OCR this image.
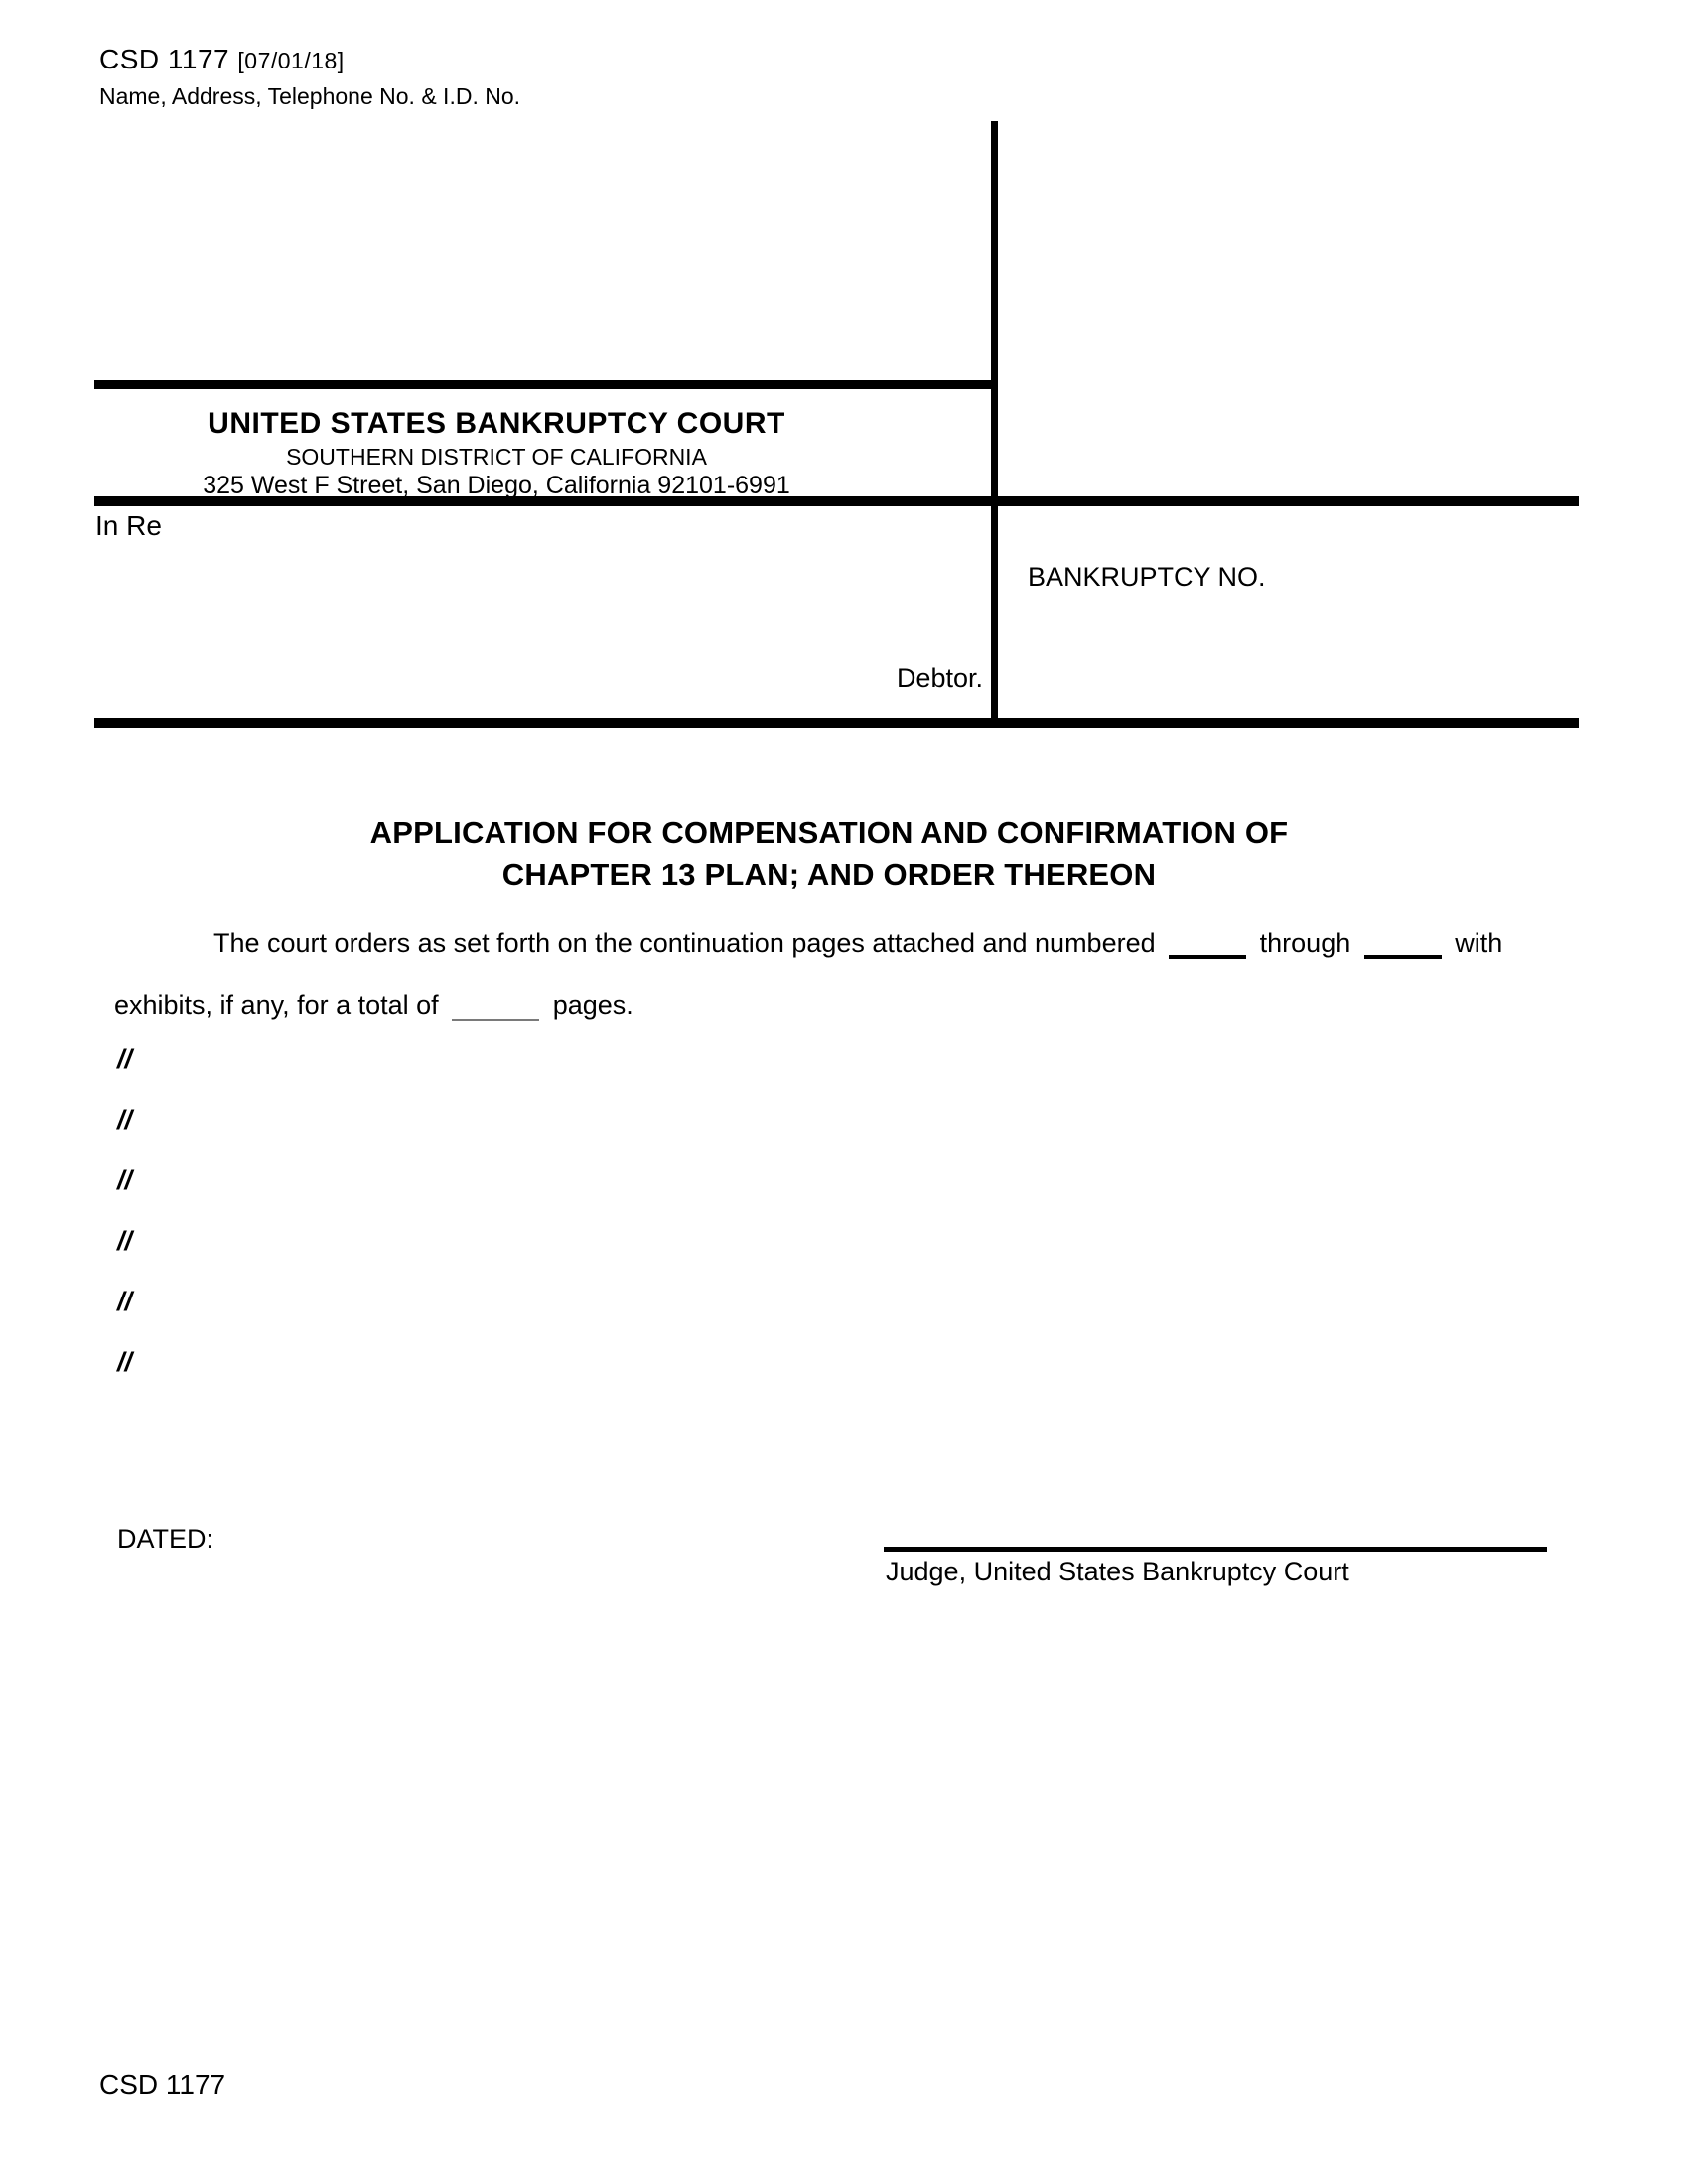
CSD 1177 [07/01/18]
Name, Address, Telephone No. & I.D. No.
UNITED STATES BANKRUPTCY COURT
SOUTHERN DISTRICT OF CALIFORNIA
325 West F Street, San Diego, California 92101-6991
In Re
BANKRUPTCY NO.
Debtor.
APPLICATION FOR COMPENSATION AND CONFIRMATION OF
CHAPTER 13 PLAN; AND ORDER THEREON
The court orders as set forth on the continuation pages attached and numbered	through	with
exhibits, if any, for a total of	pages.
//
//
//
//
//
//
DATED:
Judge, United States Bankruptcy Court
CSD 1177
